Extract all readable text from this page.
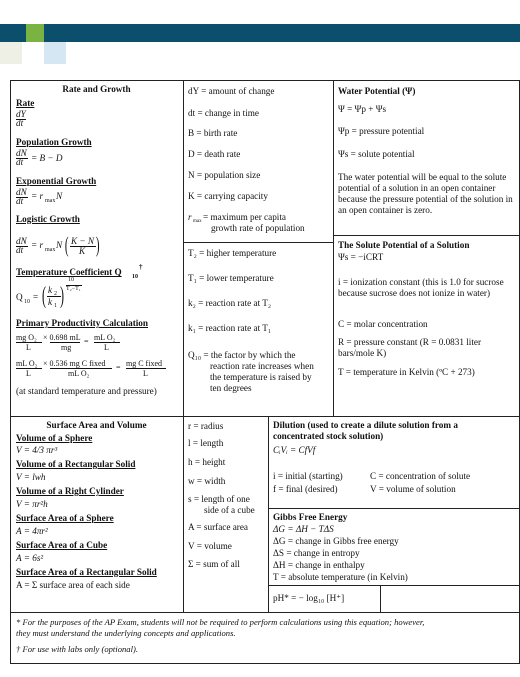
Rate and Growth
Rate
dY
dt
Population Growth
dN
dt = B − D
Exponential Growth
dN
dt = r max N
Logistic Growth
dN
dt = r max N ( K − N
K )
Temperature Coefficient Q 10
†
Q 10 = ( k 2
k 1 )
10
T₂−T₁
Primary Productivity Calculation
mg O₂
L
× 0.698 mL
mg
= mL O₂
L
mL O₂
L
× 0.536 mg C fixed
mL O₂
= mg C fixed
L
(at standard temperature and pressure)
dY = amount of change
dt = change in time
B = birth rate
D = death rate
N = population size
K = carrying capacity
r max = maximum per capita
growth rate of population
T₂ = higher temperature
T₁ = lower temperature
k₂ = reaction rate at T₂
k₁ = reaction rate at T₁
Q₁₀ = the factor by which the
reaction rate increases when
the temperature is raised by
ten degrees
Water Potential (Ψ)
Ψ = Ψp + Ψs
Ψp = pressure potential
Ψs = solute potential
The water potential will be equal to the solute potential of a solution in an open container because the pressure potential of the solution in an open container is zero.
The Solute Potential of a Solution
Ψs = −iCRT
i = ionization constant (this is 1.0 for sucrose because sucrose does not ionize in water)
C = molar concentration
R = pressure constant (R = 0.0831 liter bars/mole K)
T = temperature in Kelvin (ºC + 273)
Surface Area and Volume
Volume of a Sphere
V = 4/3 πr³
Volume of a Rectangular Solid
V = lwh
Volume of a Right Cylinder
V = πr²h
Surface Area of a Sphere
A = 4πr²
Surface Area of a Cube
A = 6s²
Surface Area of a Rectangular Solid
A = Σ surface area of each side
r = radius
l = length
h = height
w = width
s = length of one
side of a cube
A = surface area
V = volume
Σ = sum of all
Dilution (used to create a dilute solution from a
concentrated stock solution)
CᵢVᵢ = CfVf
i = initial (starting)
f = final (desired)
C = concentration of solute
V = volume of solution
Gibbs Free Energy
ΔG = ΔH − TΔS
ΔG = change in Gibbs free energy
ΔS = change in entropy
ΔH = change in enthalpy
T = absolute temperature (in Kelvin)
pH* = − log₁₀ [H⁺]
* For the purposes of the AP Exam, students will not be required to perform calculations using this equation; however,
they must understand the underlying concepts and applications.
† For use with labs only (optional).
